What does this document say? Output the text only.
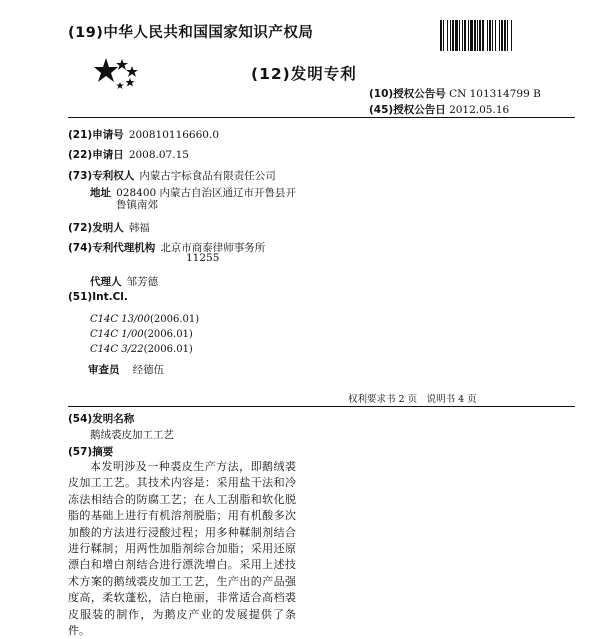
(19)中华人民共和国国家知识产权局
(12)发明专利
(10)授权公告号 CN 101314799 B
(45)授权公告日 2012.05.16
(21)申请号 200810116660.0
(22)申请日 2008.07.15
(73)专利权人 内蒙古宇标食品有限责任公司
地址 028400 内蒙古自治区通辽市开鲁县开
鲁镇南郊
(72)发明人 韩福
(74)专利代理机构 北京市商泰律师事务所
11255
代理人 邹芳德
(51)Int.Cl.
C14C 13/00(2006.01)
C14C 1/00(2006.01)
C14C 3/22(2006.01)
审查员 经德伍
权利要求书 2 页　说明书 4 页
(54)发明名称
鹅绒裘皮加工工艺
(57)摘要
本发明涉及一种裘皮生产方法，即鹅绒裘皮加工工艺。其技术内容是：采用盐干法和冷冻法相结合的防腐工艺；在人工刮脂和软化脱脂的基础上进行有机溶剂脱脂；用有机酸多次加酸的方法进行浸酸过程；用多种鞣制剂结合进行鞣制；用两性加脂剂综合加脂；采用还原漂白和增白剂结合进行漂洗增白。采用上述技术方案的鹅绒裘皮加工工艺，生产出的产品强度高，柔软蓬松，洁白艳丽，非常适合高档裘皮服装的制作，为鹅皮产业的发展提供了条件。
